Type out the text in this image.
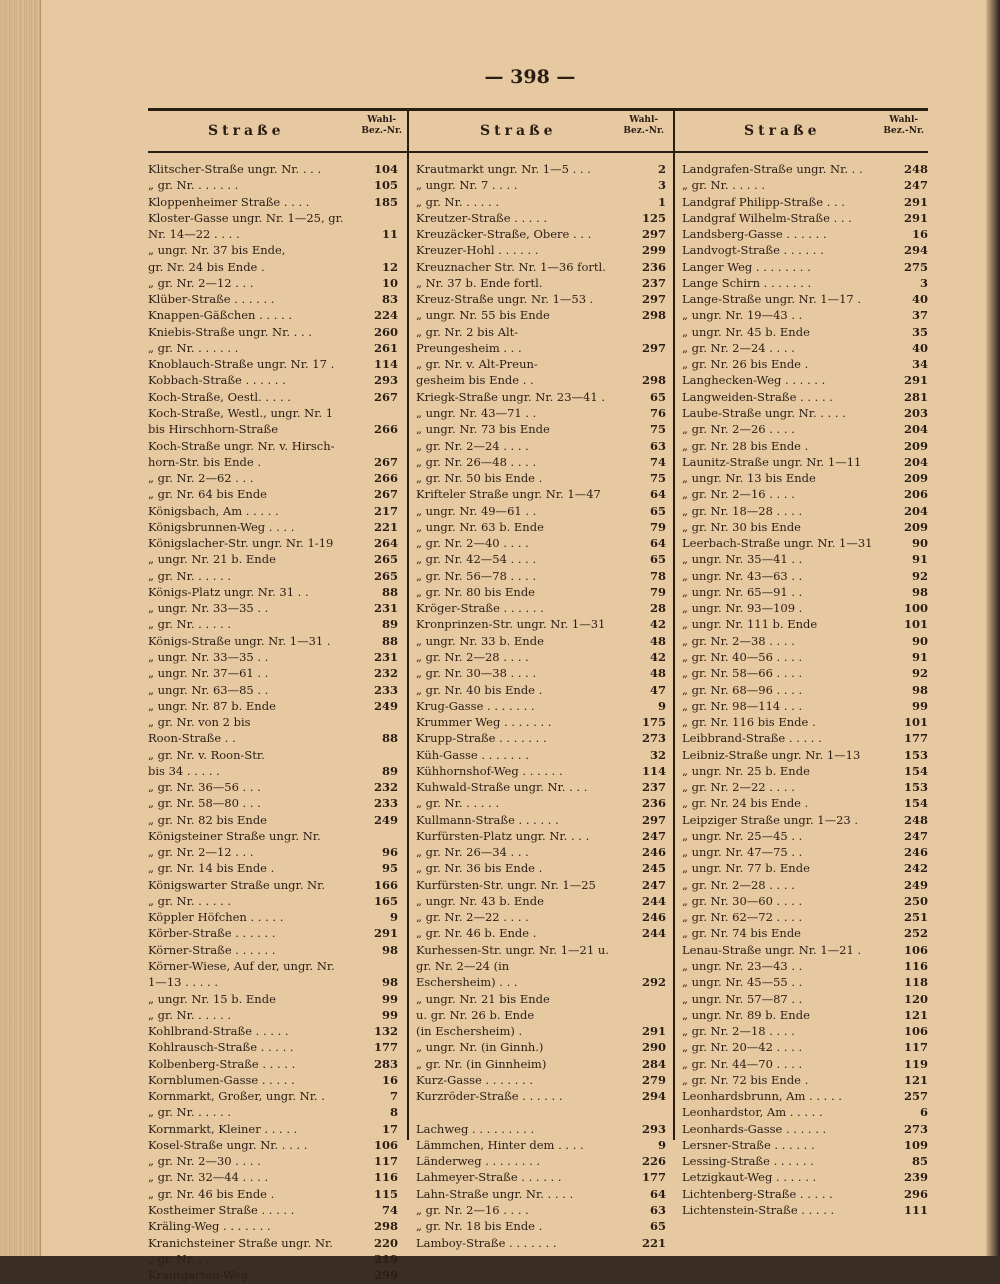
— 398 —
Straße
Wahl-
Bez.-Nr.	Straße
Wahl-
Bez.-Nr.	Straße
Wahl-
Bez.-Nr.
Klitscher-Straße ungr. Nr. . . .	104
„ gr. Nr. . . . . . .	105
Kloppenheimer Straße . . . .	185
Kloster-Gasse ungr. Nr. 1—25, gr.
Nr. 14—22 . . . .	11
„ ungr. Nr. 37 bis Ende,
gr. Nr. 24 bis Ende .	12
„ gr. Nr. 2—12 . . .	10
Klüber-Straße . . . . . .	83
Knappen-Gäßchen . . . . .	224
Kniebis-Straße ungr. Nr. . . .	260
„ gr. Nr. . . . . . .	261
Knoblauch-Straße ungr. Nr. 17 .	114
Kobbach-Straße . . . . . .	293
Koch-Straße, Oestl. . . . .	267
Koch-Straße, Westl., ungr. Nr. 1
bis Hirschhorn-Straße	266
Koch-Straße ungr. Nr. v. Hirsch-
horn-Str. bis Ende .	267
„ gr. Nr. 2—62 . . .	266
„ gr. Nr. 64 bis Ende	267
Königsbach, Am . . . . .	217
Königsbrunnen-Weg . . . .	221
Königslacher-Str. ungr. Nr. 1-19	264
„ ungr. Nr. 21 b. Ende	265
„ gr. Nr. . . . . .	265
Königs-Platz ungr. Nr. 31 . .	88
„ ungr. Nr. 33—35 . .	231
„ gr. Nr. . . . . .	89
Königs-Straße ungr. Nr. 1—31 .	88
„ ungr. Nr. 33—35 . .	231
„ ungr. Nr. 37—61 . .	232
„ ungr. Nr. 63—85 . .	233
„ ungr. Nr. 87 b. Ende	249
„ gr. Nr. von 2 bis
Roon-Straße . .	88
„ gr. Nr. v. Roon-Str.
bis 34 . . . . .	89
„ gr. Nr. 36—56 . . .	232
„ gr. Nr. 58—80 . . .	233
„ gr. Nr. 82 bis Ende	249
Königsteiner Straße ungr. Nr.
„ gr. Nr. 2—12 . . .	96
„ gr. Nr. 14 bis Ende .	95
Königswarter Straße ungr. Nr.	166
„ gr. Nr. . . . . .	165
Köppler Höfchen . . . . .	9
Körber-Straße . . . . . .	291
Körner-Straße . . . . . .	98
Körner-Wiese, Auf der, ungr. Nr.
1—13 . . . . .	98
„ ungr. Nr. 15 b. Ende	99
„ gr. Nr. . . . . .	99
Kohlbrand-Straße . . . . .	132
Kohlrausch-Straße . . . . .	177
Kolbenberg-Straße . . . . .	283
Kornblumen-Gasse . . . . .	16
Kornmarkt, Großer, ungr. Nr. .	7
„ gr. Nr. . . . . .	8
Kornmarkt, Kleiner . . . . .	17
Kosel-Straße ungr. Nr. . . . .	106
„ gr. Nr. 2—30 . . . .	117
„ gr. Nr. 32—44 . . . .	116
„ gr. Nr. 46 bis Ende .	115
Kostheimer Straße . . . . .	74
Kräling-Weg . . . . . . .	298
Kranichsteiner Straße ungr. Nr.	220
„ gr. Nr. . . . . .	219
Krautgarten-Weg . . . . . .	299
Krautmarkt ungr. Nr. 1—5 . . .	2
„ ungr. Nr. 7 . . . .	3
„ gr. Nr. . . . . .	1
Kreutzer-Straße . . . . .	125
Kreuzäcker-Straße, Obere . . .	297
Kreuzer-Hohl . . . . . .	299
Kreuznacher Str. Nr. 1—36 fortl.	236
„ Nr. 37 b. Ende fortl.	237
Kreuz-Straße ungr. Nr. 1—53 .	297
„ ungr. Nr. 55 bis Ende	298
„ gr. Nr. 2 bis Alt-
Preungesheim . . .	297
„ gr. Nr. v. Alt-Preun-
gesheim bis Ende . .	298
Kriegk-Straße ungr. Nr. 23—41 .	65
„ ungr. Nr. 43—71 . .	76
„ ungr. Nr. 73 bis Ende	75
„ gr. Nr. 2—24 . . . .	63
„ gr. Nr. 26—48 . . . .	74
„ gr. Nr. 50 bis Ende .	75
Krifteler Straße ungr. Nr. 1—47	64
„ ungr. Nr. 49—61 . .	65
„ ungr. Nr. 63 b. Ende	79
„ gr. Nr. 2—40 . . . .	64
„ gr. Nr. 42—54 . . . .	65
„ gr. Nr. 56—78 . . . .	78
„ gr. Nr. 80 bis Ende	79
Kröger-Straße . . . . . .	28
Kronprinzen-Str. ungr. Nr. 1—31	42
„ ungr. Nr. 33 b. Ende	48
„ gr. Nr. 2—28 . . . .	42
„ gr. Nr. 30—38 . . . .	48
„ gr. Nr. 40 bis Ende .	47
Krug-Gasse . . . . . . .	9
Krummer Weg . . . . . . .	175
Krupp-Straße . . . . . . .	273
Küh-Gasse . . . . . . .	32
Kühhornshof-Weg . . . . . .	114
Kuhwald-Straße ungr. Nr. . . .	237
„ gr. Nr. . . . . .	236
Kullmann-Straße . . . . . .	297
Kurfürsten-Platz ungr. Nr. . . .	247
„ gr. Nr. 26—34 . . .	246
„ gr. Nr. 36 bis Ende .	245
Kurfürsten-Str. ungr. Nr. 1—25	247
„ ungr. Nr. 43 b. Ende	244
„ gr. Nr. 2—22 . . . .	246
„ gr. Nr. 46 b. Ende .	244
Kurhessen-Str. ungr. Nr. 1—21 u.
gr. Nr. 2—24 (in
Eschersheim) . . .	292
„ ungr. Nr. 21 bis Ende
u. gr. Nr. 26 b. Ende
(in Eschersheim) .	291
„ ungr. Nr. (in Ginnh.)	290
„ gr. Nr. (in Ginnheim)	284
Kurz-Gasse . . . . . . .	279
Kurzröder-Straße . . . . . .	294
Lachweg . . . . . . . . .	293
Lämmchen, Hinter dem . . . .	9
Länderweg . . . . . . . .	226
Lahmeyer-Straße . . . . . .	177
Lahn-Straße ungr. Nr. . . . .	64
„ gr. Nr. 2—16 . . . .	63
„ gr. Nr. 18 bis Ende .	65
Lamboy-Straße . . . . . . .	221
Landgrafen-Straße ungr. Nr. . .	248
„ gr. Nr. . . . . .	247
Landgraf Philipp-Straße . . .	291
Landgraf Wilhelm-Straße . . .	291
Landsberg-Gasse . . . . . .	16
Landvogt-Straße . . . . . .	294
Langer Weg . . . . . . . .	275
Lange Schirn . . . . . . .	3
Lange-Straße ungr. Nr. 1—17 .	40
„ ungr. Nr. 19—43 . .	37
„ ungr. Nr. 45 b. Ende	35
„ gr. Nr. 2—24 . . . .	40
„ gr. Nr. 26 bis Ende .	34
Langhecken-Weg . . . . . .	291
Langweiden-Straße . . . . .	281
Laube-Straße ungr. Nr. . . . .	203
„ gr. Nr. 2—26 . . . .	204
„ gr. Nr. 28 bis Ende .	209
Launitz-Straße ungr. Nr. 1—11	204
„ ungr. Nr. 13 bis Ende	209
„ gr. Nr. 2—16 . . . .	206
„ gr. Nr. 18—28 . . . .	204
„ gr. Nr. 30 bis Ende	209
Leerbach-Straße ungr. Nr. 1—31	90
„ ungr. Nr. 35—41 . .	91
„ ungr. Nr. 43—63 . .	92
„ ungr. Nr. 65—91 . .	98
„ ungr. Nr. 93—109 .	100
„ ungr. Nr. 111 b. Ende	101
„ gr. Nr. 2—38 . . . .	90
„ gr. Nr. 40—56 . . . .	91
„ gr. Nr. 58—66 . . . .	92
„ gr. Nr. 68—96 . . . .	98
„ gr. Nr. 98—114 . . .	99
„ gr. Nr. 116 bis Ende .	101
Leibbrand-Straße . . . . .	177
Leibniz-Straße ungr. Nr. 1—13	153
„ ungr. Nr. 25 b. Ende	154
„ gr. Nr. 2—22 . . . .	153
„ gr. Nr. 24 bis Ende .	154
Leipziger Straße ungr. 1—23 .	248
„ ungr. Nr. 25—45 . .	247
„ ungr. Nr. 47—75 . .	246
„ ungr. Nr. 77 b. Ende	242
„ gr. Nr. 2—28 . . . .	249
„ gr. Nr. 30—60 . . . .	250
„ gr. Nr. 62—72 . . . .	251
„ gr. Nr. 74 bis Ende	252
Lenau-Straße ungr. Nr. 1—21 .	106
„ ungr. Nr. 23—43 . .	116
„ ungr. Nr. 45—55 . .	118
„ ungr. Nr. 57—87 . .	120
„ ungr. Nr. 89 b. Ende	121
„ gr. Nr. 2—18 . . . .	106
„ gr. Nr. 20—42 . . . .	117
„ gr. Nr. 44—70 . . . .	119
„ gr. Nr. 72 bis Ende .	121
Leonhardsbrunn, Am . . . . .	257
Leonhardstor, Am . . . . .	6
Leonhards-Gasse . . . . . .	273
Lersner-Straße . . . . . .	109
Lessing-Straße . . . . . .	85
Letzigkaut-Weg . . . . . .	239
Lichtenberg-Straße . . . . .	296
Lichtenstein-Straße . . . . .	111
